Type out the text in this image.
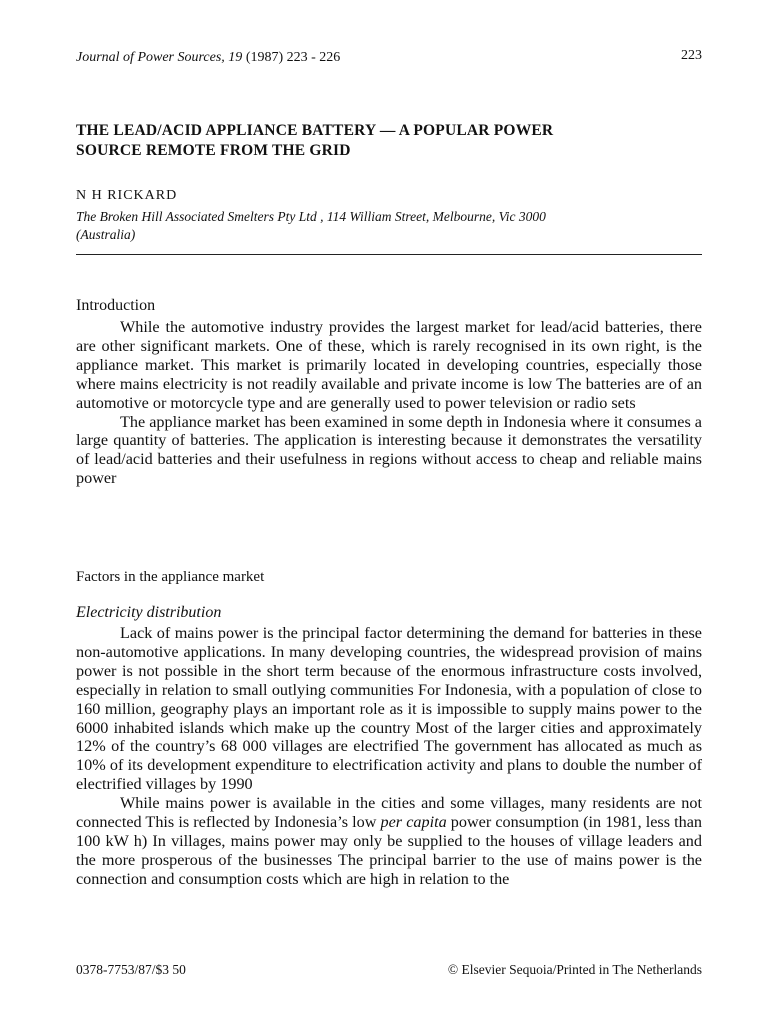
Journal of Power Sources, 19 (1987) 223 - 226	223
THE LEAD/ACID APPLIANCE BATTERY — A POPULAR POWER
SOURCE REMOTE FROM THE GRID
N H RICKARD
The Broken Hill Associated Smelters Pty Ltd , 114 William Street, Melbourne, Vic 3000
(Australia)
Introduction

While the automotive industry provides the largest market for lead/acid batteries, there are other significant markets. One of these, which is rarely recognised in its own right, is the appliance market. This market is primarily located in developing countries, especially those where mains electricity is not readily available and private income is low The batteries are of an automotive or motorcycle type and are generally used to power television or radio sets

The appliance market has been examined in some depth in Indonesia where it consumes a large quantity of batteries. The application is interesting because it demonstrates the versatility of lead/acid batteries and their usefulness in regions without access to cheap and reliable mains power

Factors in the appliance market
Electricity distribution

Lack of mains power is the principal factor determining the demand for batteries in these non-automotive applications. In many developing countries, the widespread provision of mains power is not possible in the short term because of the enormous infrastructure costs involved, especially in relation to small outlying communities For Indonesia, with a population of close to 160 million, geography plays an important role as it is impossible to supply mains power to the 6000 inhabited islands which make up the country Most of the larger cities and approximately 12% of the country’s 68 000 villages are electrified The government has allocated as much as 10% of its development expenditure to electrification activity and plans to double the number of electrified villages by 1990

While mains power is available in the cities and some villages, many residents are not connected This is reflected by Indonesia’s low per capita power consumption (in 1981, less than 100 kW h) In villages, mains power may only be supplied to the houses of village leaders and the more prosperous of the businesses The principal barrier to the use of mains power is the connection and consumption costs which are high in relation to the

0378-7753/87/$3 50	© Elsevier Sequoia/Printed in The Netherlands
